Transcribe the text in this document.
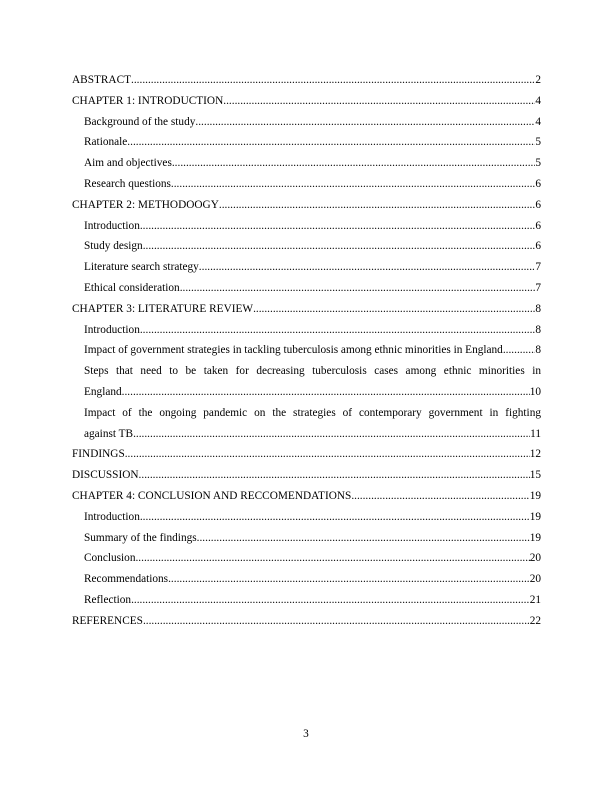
ABSTRACT .....	2
CHAPTER 1: INTRODUCTION .....	4
Background of the study .....	4
Rationale .....	5
Aim and objectives .....	5
Research questions .....	6
CHAPTER 2: METHODOOGY .....	6
Introduction .....	6
Study design .....	6
Literature search strategy .....	7
Ethical consideration .....	7
CHAPTER 3: LITERATURE REVIEW .....	8
Introduction .....	8
Impact of government strategies in tackling tuberculosis among ethnic minorities in England .....	8
Steps that need to be taken for decreasing tuberculosis cases among ethnic minorities in
England .....	10
Impact of the ongoing pandemic on the strategies of contemporary government in fighting
against TB .....	11
FINDINGS .....	12
DISCUSSION .....	15
CHAPTER 4: CONCLUSION AND RECCOMENDATIONS .....	19
Introduction .....	19
Summary of the findings .....	19
Conclusion .....	20
Recommendations .....	20
Reflection .....	21
REFERENCES .....	22
3
